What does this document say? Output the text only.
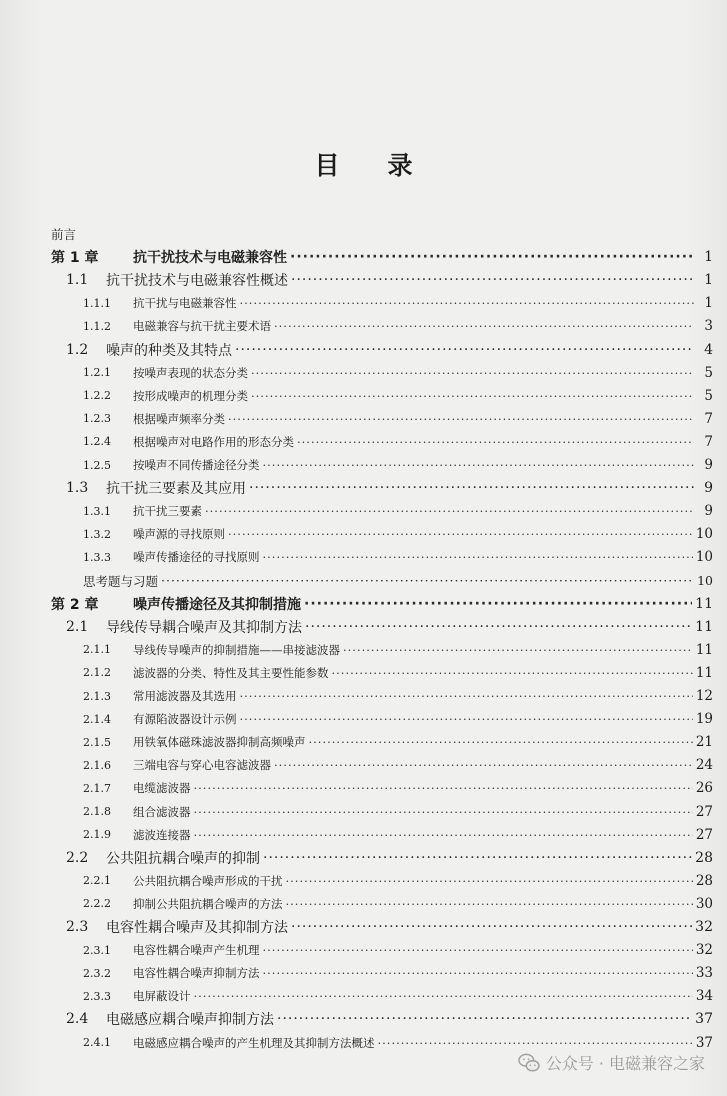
目 录
前言
第 1 章	抗干扰技术与电磁兼容性 ·····	1
1.1	抗干扰技术与电磁兼容性概述 ·····	1
1.1.1	抗干扰与电磁兼容性 ·····	1
1.1.2	电磁兼容与抗干扰主要术语 ·····	3
1.2	噪声的种类及其特点 ·····	4
1.2.1	按噪声表现的状态分类 ·····	5
1.2.2	按形成噪声的机理分类 ·····	5
1.2.3	根据噪声频率分类 ·····	7
1.2.4	根据噪声对电路作用的形态分类 ·····	7
1.2.5	按噪声不同传播途径分类 ·····	9
1.3	抗干扰三要素及其应用 ·····	9
1.3.1	抗干扰三要素 ·····	9
1.3.2	噪声源的寻找原则 ·····	10
1.3.3	噪声传播途径的寻找原则 ·····	10
思考题与习题 ·····	10
第 2 章	噪声传播途径及其抑制措施 ·····	11
2.1	导线传导耦合噪声及其抑制方法 ·····	11
2.1.1	导线传导噪声的抑制措施——串接滤波器 ·····	11
2.1.2	滤波器的分类、特性及其主要性能参数 ·····	11
2.1.3	常用滤波器及其选用 ·····	12
2.1.4	有源陷波器设计示例 ·····	19
2.1.5	用铁氧体磁珠滤波器抑制高频噪声 ·····	21
2.1.6	三端电容与穿心电容滤波器 ·····	24
2.1.7	电缆滤波器 ·····	26
2.1.8	组合滤波器 ·····	27
2.1.9	滤波连接器 ·····	27
2.2	公共阻抗耦合噪声的抑制 ·····	28
2.2.1	公共阻抗耦合噪声形成的干扰 ·····	28
2.2.2	抑制公共阻抗耦合噪声的方法 ·····	30
2.3	电容性耦合噪声及其抑制方法 ·····	32
2.3.1	电容性耦合噪声产生机理 ·····	32
2.3.2	电容性耦合噪声抑制方法 ·····	33
2.3.3	电屏蔽设计 ·····	34
2.4	电磁感应耦合噪声抑制方法 ·····	37
2.4.1	电磁感应耦合噪声的产生机理及其抑制方法概述 ·····	37
公众号 · 电磁兼容之家
